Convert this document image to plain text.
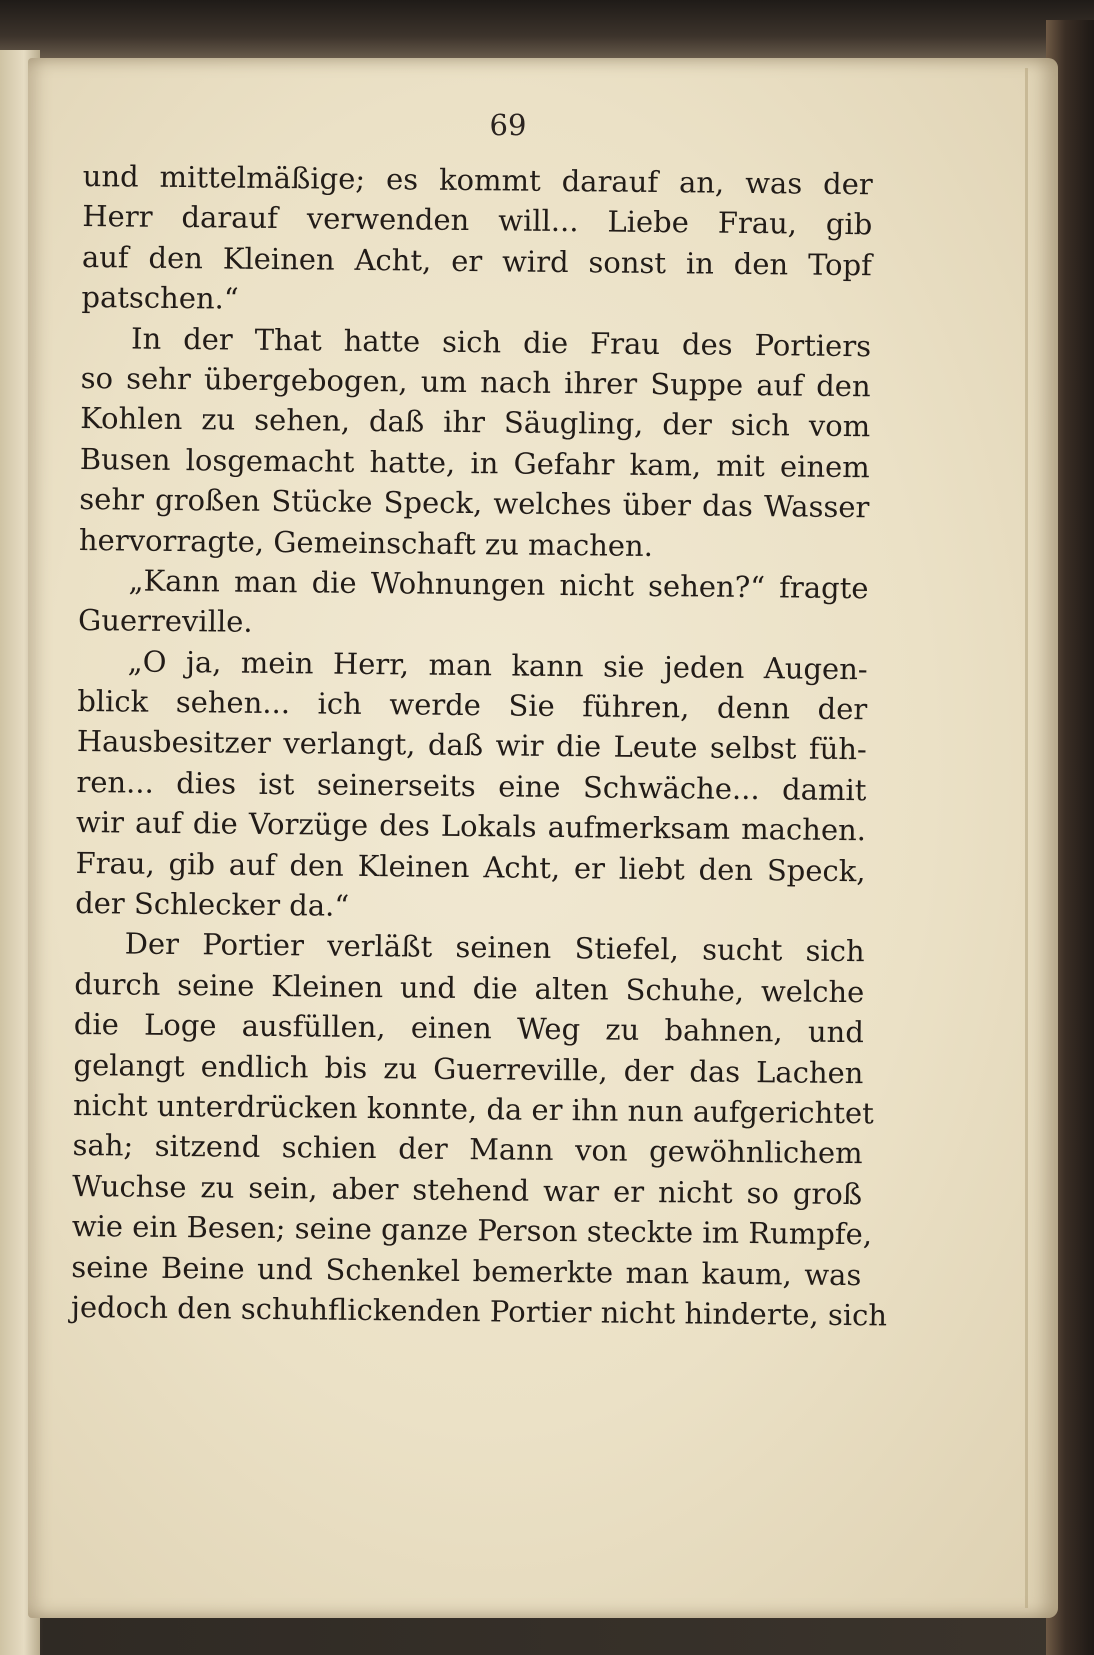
69
und mittelmäßige; es kommt darauf an, was der
Herr darauf verwenden will... Liebe Frau, gib
auf den Kleinen Acht, er wird sonst in den Topf
patschen.“
In der That hatte sich die Frau des Portiers
so sehr übergebogen, um nach ihrer Suppe auf den
Kohlen zu sehen, daß ihr Säugling, der sich vom
Busen losgemacht hatte, in Gefahr kam, mit einem
sehr großen Stücke Speck, welches über das Wasser
hervorragte, Gemeinschaft zu machen.
„Kann man die Wohnungen nicht sehen?“ fragte
Guerreville.
„O ja, mein Herr, man kann sie jeden Augen-
blick sehen... ich werde Sie führen, denn der
Hausbesitzer verlangt, daß wir die Leute selbst füh-
ren... dies ist seinerseits eine Schwäche... damit
wir auf die Vorzüge des Lokals aufmerksam machen.
Frau, gib auf den Kleinen Acht, er liebt den Speck,
der Schlecker da.“
Der Portier verläßt seinen Stiefel, sucht sich
durch seine Kleinen und die alten Schuhe, welche
die Loge ausfüllen, einen Weg zu bahnen, und
gelangt endlich bis zu Guerreville, der das Lachen
nicht unterdrücken konnte, da er ihn nun aufgerichtet
sah; sitzend schien der Mann von gewöhnlichem
Wuchse zu sein, aber stehend war er nicht so groß
wie ein Besen; seine ganze Person steckte im Rumpfe,
seine Beine und Schenkel bemerkte man kaum, was
jedoch den schuhflickenden Portier nicht hinderte, sich
